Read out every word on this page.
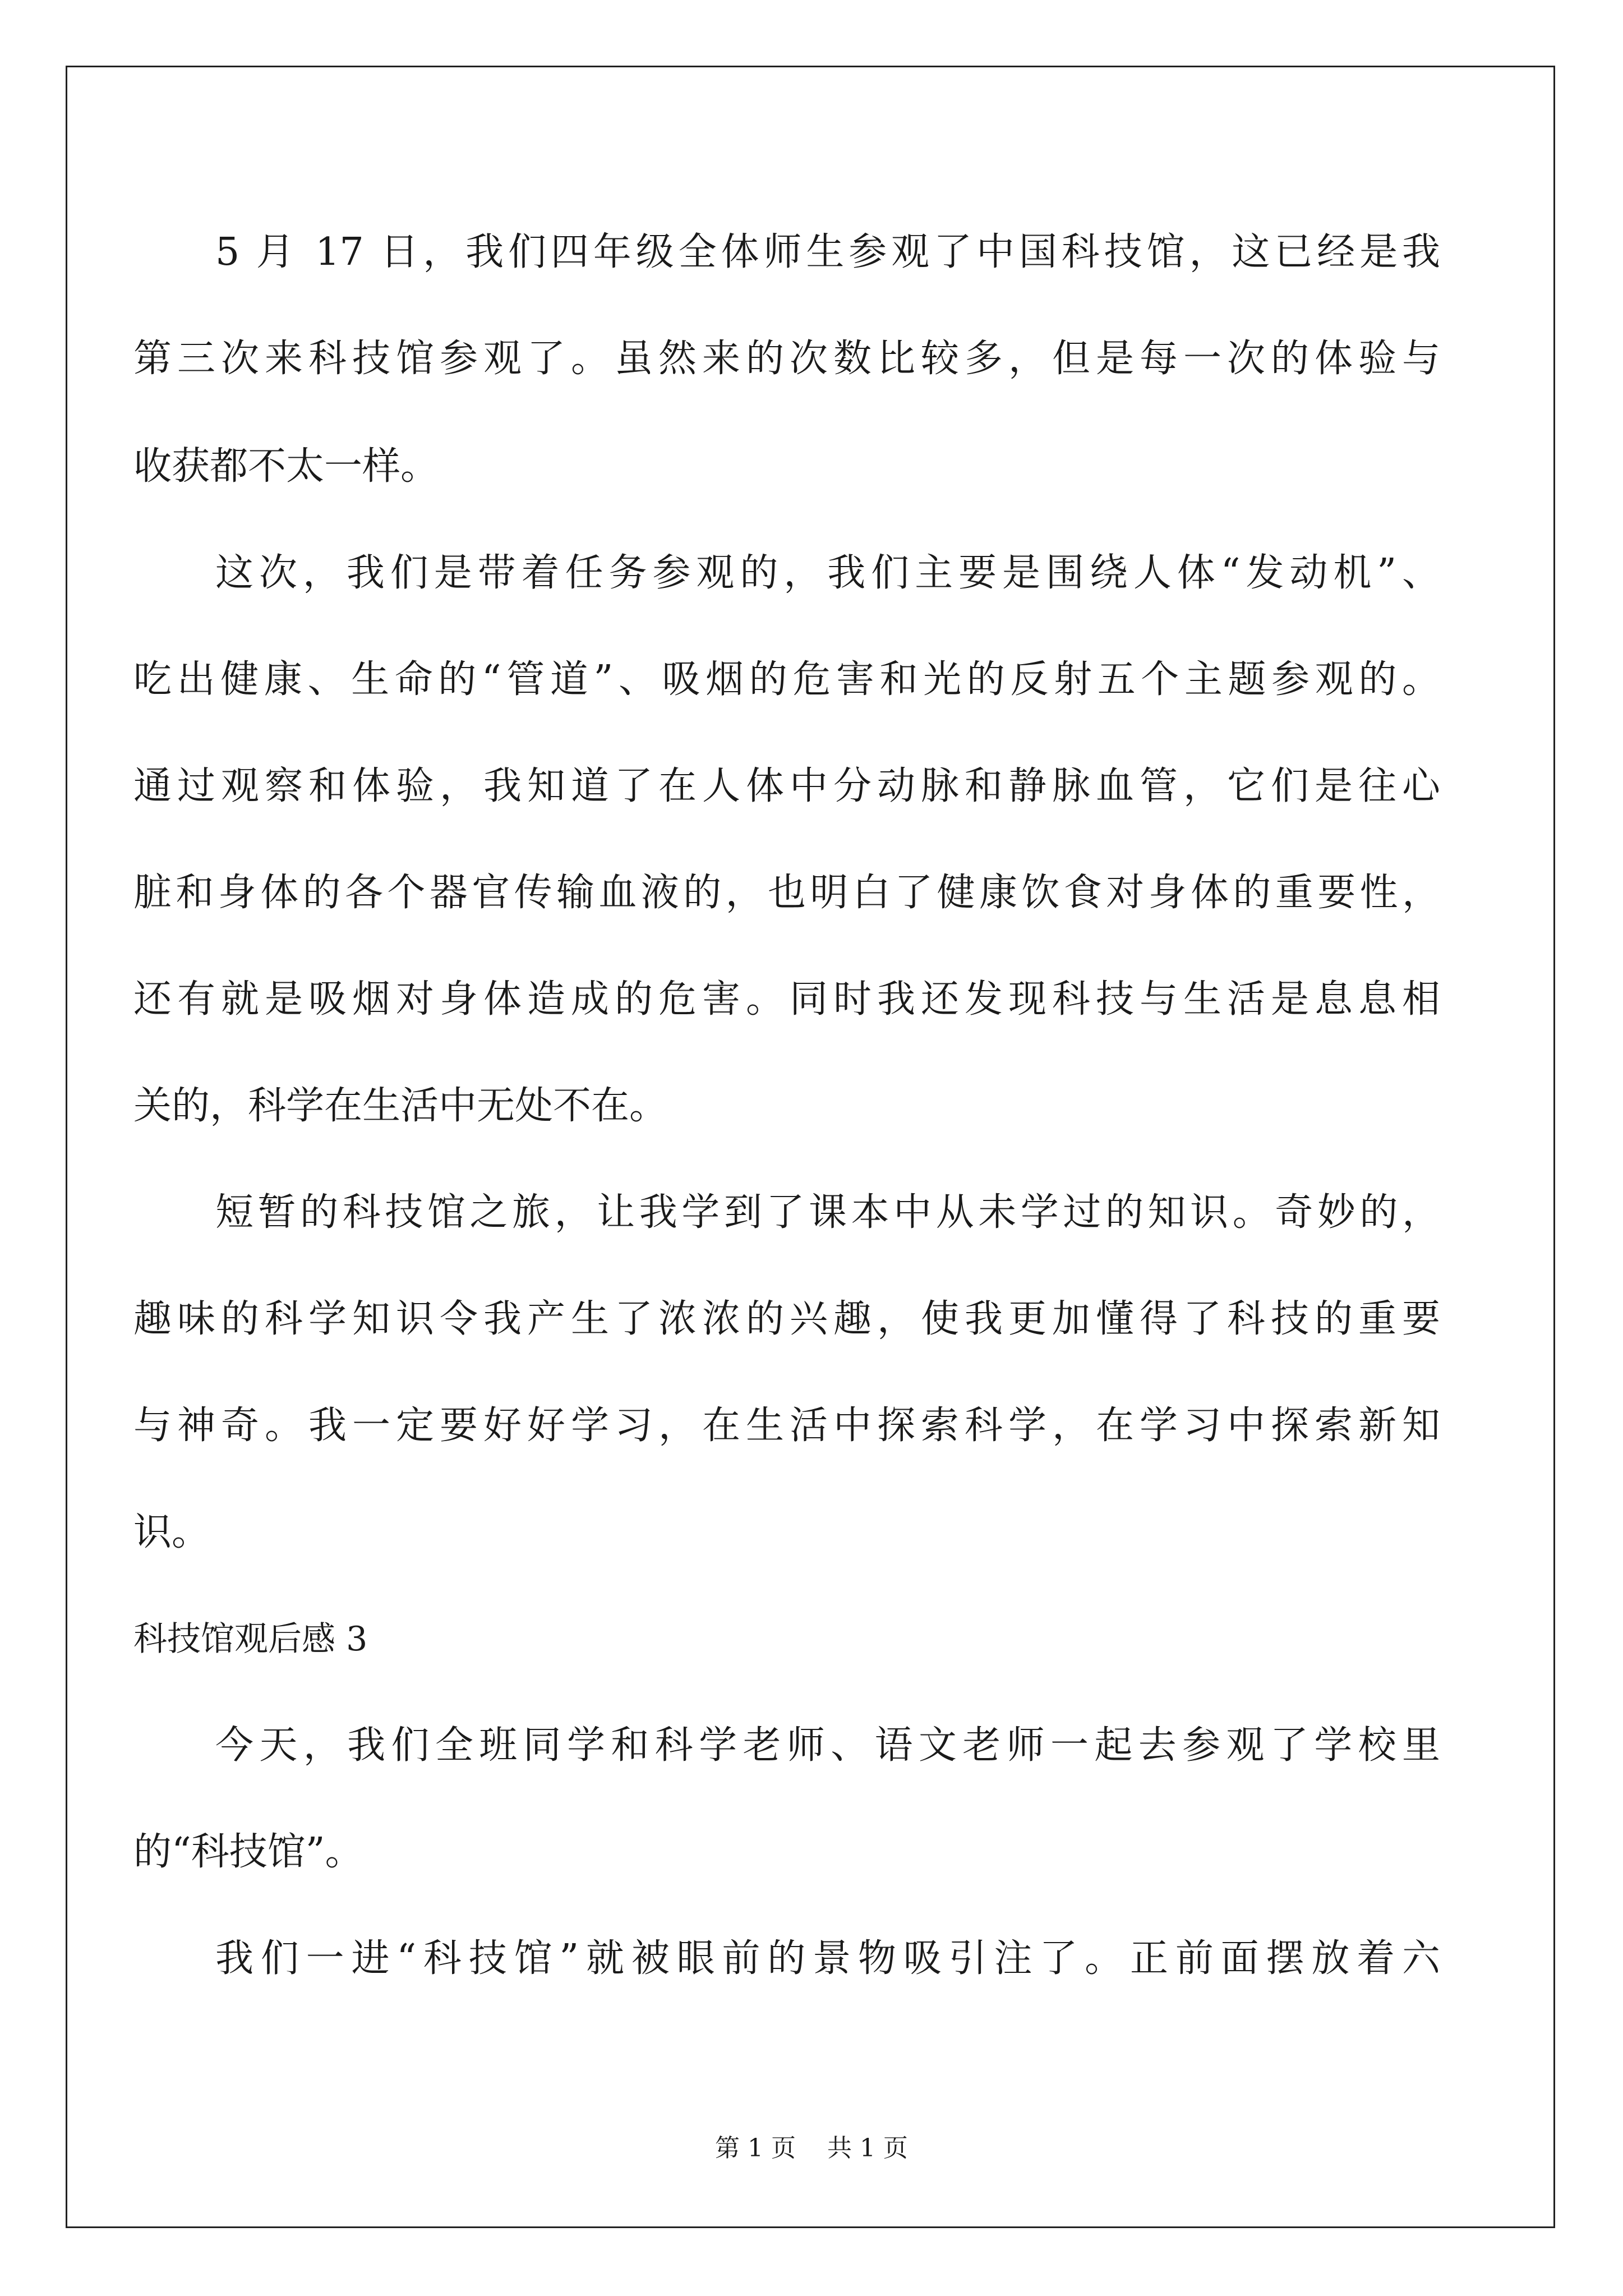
5 月 17 日，我们四年级全体师生参观了中国科技馆，这已经是我
第三次来科技馆参观了。虽然来的次数比较多，但是每一次的体验与
收获都不太一样。
这次，我们是带着任务参观的，我们主要是围绕人体“发动机”、
吃出健康、生命的“管道”、吸烟的危害和光的反射五个主题参观的。
通过观察和体验，我知道了在人体中分动脉和静脉血管，它们是往心
脏和身体的各个器官传输血液的，也明白了健康饮食对身体的重要性，
还有就是吸烟对身体造成的危害。同时我还发现科技与生活是息息相
关的，科学在生活中无处不在。
短暂的科技馆之旅，让我学到了课本中从未学过的知识。奇妙的，
趣味的科学知识令我产生了浓浓的兴趣，使我更加懂得了科技的重要
与神奇。我一定要好好学习，在生活中探索科学，在学习中探索新知
识。
科技馆观后感 3
今天，我们全班同学和科学老师、语文老师一起去参观了学校里
的“科技馆”。
我们一进“科技馆”就被眼前的景物吸引注了。正前面摆放着六
第 1 页    共 1 页
